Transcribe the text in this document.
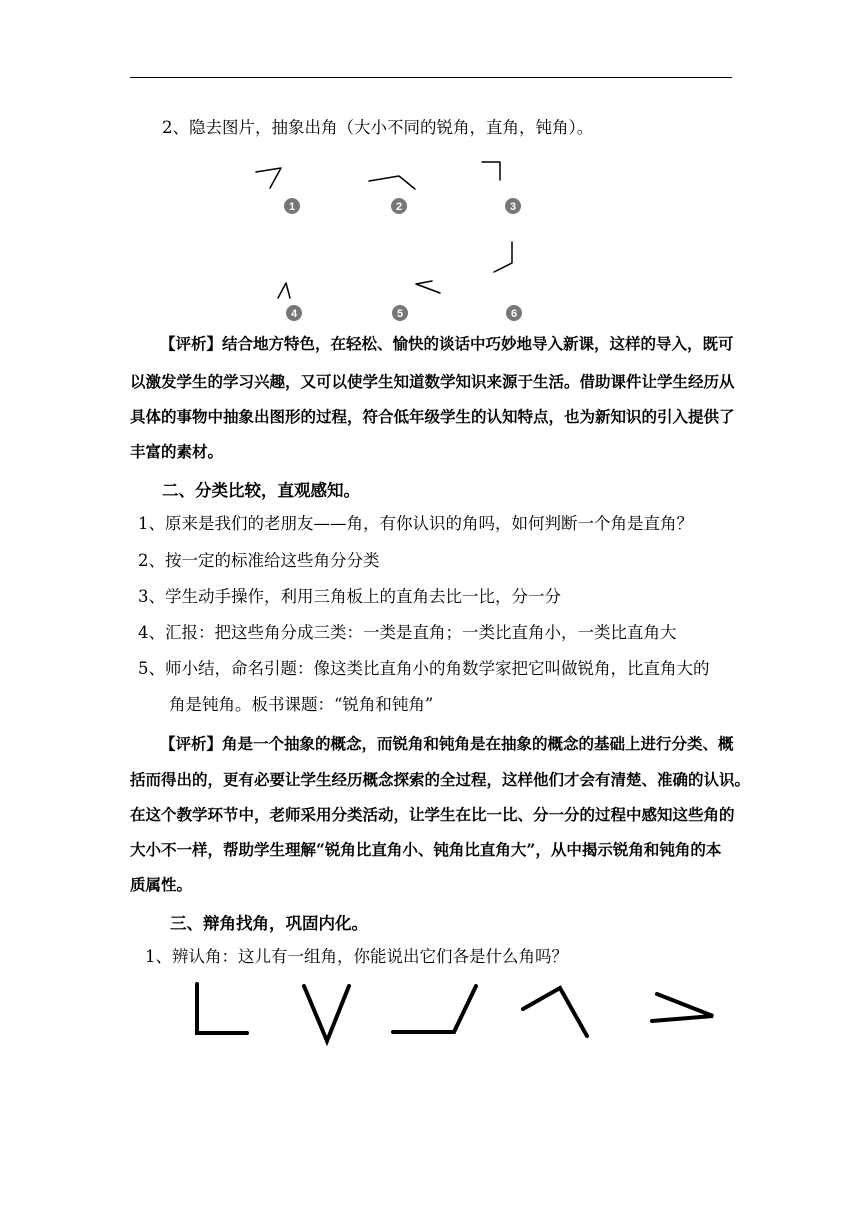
2、隐去图片，抽象出角（大小不同的锐角，直角，钝角）。
1	2	3
4	5	6
【评析】结合地方特色，在轻松、愉快的谈话中巧妙地导入新课，这样的导入，既可
以激发学生的学习兴趣，又可以使学生知道数学知识来源于生活。借助课件让学生经历从
具体的事物中抽象出图形的过程，符合低年级学生的认知特点，也为新知识的引入提供了
丰富的素材。
二、分类比较，直观感知。
1、原来是我们的老朋友——角，有你认识的角吗，如何判断一个角是直角？
2、按一定的标准给这些角分分类
3、学生动手操作，利用三角板上的直角去比一比，分一分
4、汇报：把这些角分成三类：一类是直角；一类比直角小，一类比直角大
5、师小结，命名引题：像这类比直角小的角数学家把它叫做锐角，比直角大的
角是钝角。板书课题：“锐角和钝角”
【评析】角是一个抽象的概念，而锐角和钝角是在抽象的概念的基础上进行分类、概
括而得出的，更有必要让学生经历概念探索的全过程，这样他们才会有清楚、准确的认识。
在这个教学环节中，老师采用分类活动，让学生在比一比、分一分的过程中感知这些角的
大小不一样，帮助学生理解“锐角比直角小、钝角比直角大”，从中揭示锐角和钝角的本
质属性。
三、辩角找角，巩固内化。
1、辨认角：这儿有一组角，你能说出它们各是什么角吗？
